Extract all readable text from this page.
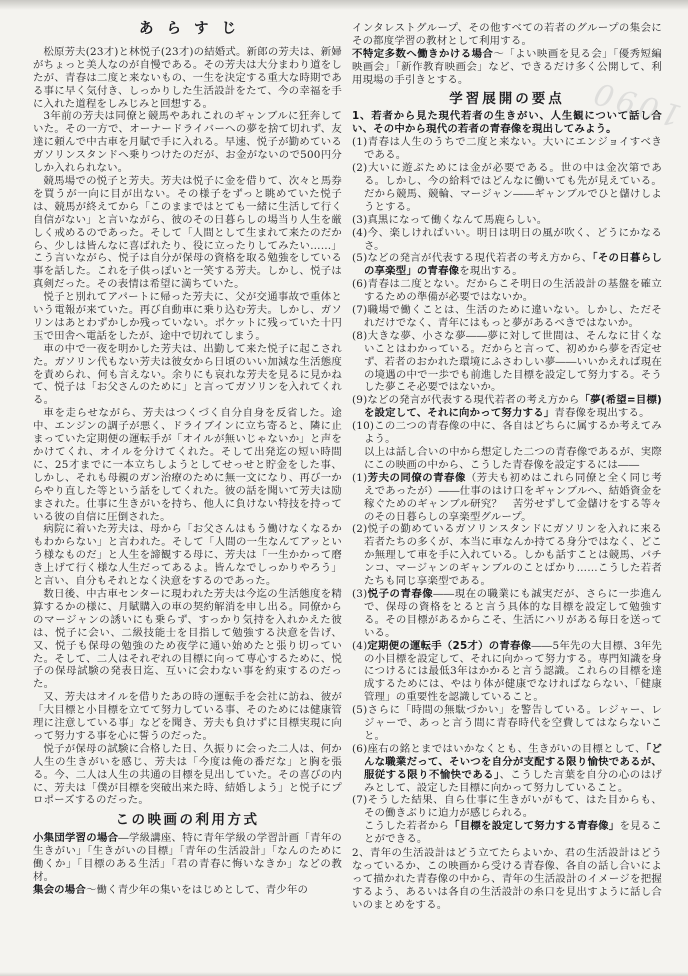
1090
あらすじ

松原芳夫(23才)と林悦子(23才)の結婚式。新郎の芳夫は、新婦がちょっと美人なのが自慢である。その芳夫は大分まわり道をしたが、青春は二度と来ないもの、一生を決定する重大な時期である事に早く気付き、しっかりした生活設計をたて、今の幸福を手に入れた道程をしみじみと回想する。

3年前の芳夫は同僚と競馬やあれこれのギャンブルに狂奔していた。その一方で、オーナードライバーへの夢を捨て切れず、友達に頼んで中古車を月賦で手に入れる。早速、悦子が勤めているガソリンスタンドへ乗りつけたのだが、お金がないので500円分しか入れられない。

競馬場での悦子と芳夫。芳夫は悦子に金を借りて、次々と馬券を買うが一向に目が出ない。その様子をずっと眺めていた悦子は、競馬が終えてから「このままではとても一緒に生活して行く自信がない」と言いながら、彼のその日暮らしの場当り人生を厳しく戒めるのであった。そして「人間として生まれて来たのだから、少しは皆んなに喜ばれたり、役に立ったりしてみたい……」こう言いながら、悦子は自分が保母の資格を取る勉強をしている事を話した。これを子供っぽいと一笑する芳夫。しかし、悦子は真剣だった。その表情は希望に満ちていた。

悦子と別れてアパートに帰った芳夫に、父が交通事故で重体という電報が来ていた。再び自動車に乗り込む芳夫。しかし、ガソリンはあとわずかしか残っていない。ポケットに残っていた十円玉で田舎へ電話をしたが、途中で切れてしまう。

車の中で一夜を明かした芳夫は、出勤して来た悦子に起こされた。ガソリン代もない芳夫は彼女から日頃のいい加減な生活態度を責められ、何も言えない。余りにも哀れな芳夫を見るに見かねて、悦子は「お父さんのために」と言ってガソリンを入れてくれる。

車を走らせながら、芳夫はつくづく自分自身を反省した。途中、エンジンの調子が悪く、ドライブインに立ち寄ると、隣に止まっていた定期便の運転手が「オイルが無いじゃないか」と声をかけてくれ、オイルを分けてくれた。そして出発迄の短い時間に、25才までに一本立ちしようとしてせっせと貯金をした事、しかし、それも母親のガン治療のために無一文になり、再び一からやり直した等という話をしてくれた。彼の話を聞いて芳夫は励まされた。仕事に生きがいを持ち、他人に負けない特技を持っている彼の自信に圧倒された。

病院に着いた芳夫は、母から「お父さんはもう働けなくなるかもわからない」と言われた。そして「人間の一生なんてアッという様なものだ」と人生を諦観する母に、芳夫は「一生かかって磨き上げて行く様な人生だってあるよ。皆んなでしっかりやろう」と言い、自分もそれとなく決意をするのであった。

数日後、中古車センターに現われた芳夫は今迄の生活態度を精算するかの様に、月賦購入の車の契約解消を申し出る。同僚からのマージャンの誘いにも乗らず、すっかり気持を入れかえた彼は、悦子に会い、二級技能士を目指して勉強する決意を告げ、又、悦子も保母の勉強のため夜学に通い始めたと張り切っていた。そして、二人はそれぞれの目標に向って専心するために、悦子の保母試験の発表日迄、互いに会わない事を約束するのだった。

又、芳夫はオイルを借りたあの時の運転手を会社に訪ね、彼が「大目標と小目標を立てて努力している事、そのためには健康管理に注意している事」などを聞き、芳夫も負けずに目標実現に向って努力する事を心に誓うのだった。

悦子が保母の試験に合格した日、久振りに会った二人は、何か人生の生きがいを感じ、芳夫は「今度は俺の番だな」と胸を張る。今、二人は人生の共通の目標を見出していた。その喜びの内に、芳夫は「僕が目標を突破出来た時、結婚しよう」と悦子にプロポーズするのだった。

この映画の利用方式

小集団学習の場合―学級講座、特に青年学級の学習計画「青年の生きがい」「生きがいの目標」「青年の生活設計」「なんのために働くか」「目標のある生活」「君の青春に悔いなきか」などの教材。

集会の場合〜働く青少年の集いをはじめとして、青少年の

インタレストグループ、その他すべての若者のグループの集会にその都度学習の教材として利用する。

不特定多数へ働きかける場合〜「よい映画を見る会」「優秀短編映画会」「新作教育映画会」など、できるだけ多く公開して、利用現場の手引きとする。

学習展開の要点

1、若者から見た現代若者の生きがい、人生観について話し合い、その中から現代の若者の青春像を現出してみよう。

(1)青春は人生のうちで二度と来ない。大いにエンジョイすべきである。

(2)大いに遊ぶためには金が必要である。世の中は金次第である。しかし、今の給料ではどんなに働いても先が見えている。だから競馬、競輪、マージャン――ギャンブルでひと儲けしようとする。

(3)真黒になって働くなんて馬鹿らしい。

(4)今、楽しければいい。明日は明日の風が吹く、どうにかなるさ。

(5)などの発言が代表する現代若者の考え方から、「その日暮らしの享楽型」の青春像を現出する。

(6)青春は二度とない。だからこそ明日の生活設計の基盤を確立するための準備が必要ではないか。

(7)職場で働くことは、生活のために違いない。しかし、ただそれだけでなく、青年にはもっと夢があるべきではないか。

(8)大きな夢、小さな夢――夢に対して世間は、そんなに甘くないことはわかっている。だからと言って、初めから夢を否定せず、若者のおかれた環境にふさわしい夢――いいかえれば現在の境遇の中で一歩でも前進した目標を設定して努力する。そうした夢こそ必要ではないか。

(9)などの発言が代表する現代若者の考え方から「夢(希望=目標)を設定して、それに向かって努力する」青春像を現出する。

(10)この二つの青春像の中に、各自はどちらに属するか考えてみよう。

以上は話し合いの中から想定した二つの青春像であるが、実際にこの映画の中から、こうした青春像を設定するには――

(1)芳夫の同僚の青春像（芳夫も初めはこれら同僚と全く同じ考えであったが）――仕事のはけ口をギャンブルへ、結婚資金を稼ぐためのギャンブル研究？　苦労せずして金儲けをする等々のその日暮らしの享楽型グループ。

(2)悦子の勤めているガソリンスタンドにガソリンを入れに来る若者たちの多くが、本当に車なんか持てる身分ではなく、どこか無理して車を手に入れている。しかも話すことは競馬、パチンコ、マージャンのギャンブルのことばかり……こうした若者たちも同じ享楽型である。

(3)悦子の青春像――現在の職業にも誠実だが、さらに一歩進んで、保母の資格をとると言う具体的な目標を設定して勉強する。その目標があるからこそ、生活にハリがある毎日を送っている。

(4)定期便の運転手（25才）の青春像――5年先の大目標、3年先の小目標を設定して、それに向かって努力する。専門知識を身につけるには最低3年はかかると言う認識。これらの目標を達成するためには、やはり体が健康でなければならない、「健康管理」の重要性を認識していること。

(5)さらに「時間の無駄づかい」を警告している。レジャー、レジャーで、あっと言う間に青春時代を空費してはならないこと。

(6)座右の銘とまではいかなくとも、生きがいの目標として、「どんな職業だって、そいつを自分が支配する限り愉快であるが、服従する限り不愉快である」、こうした言葉を自分の心のはげみとして、設定した目標に向かって努力していること。

(7)そうした結果、自ら仕事に生きがいがもて、はた目からも、その働きぶりに迫力が感じられる。

こうした若者から「目標を設定して努力する青春像」を見ることができる。

2、青年の生活設計はどう立てたらよいか、君の生活設計はどうなっているか、この映画から受ける青春像、各自の話し合いによって描かれた青春像の中から、青年の生活設計のイメージを把握するよう、あるいは各自の生活設計の糸口を見出すように話し合いのまとめをする。
